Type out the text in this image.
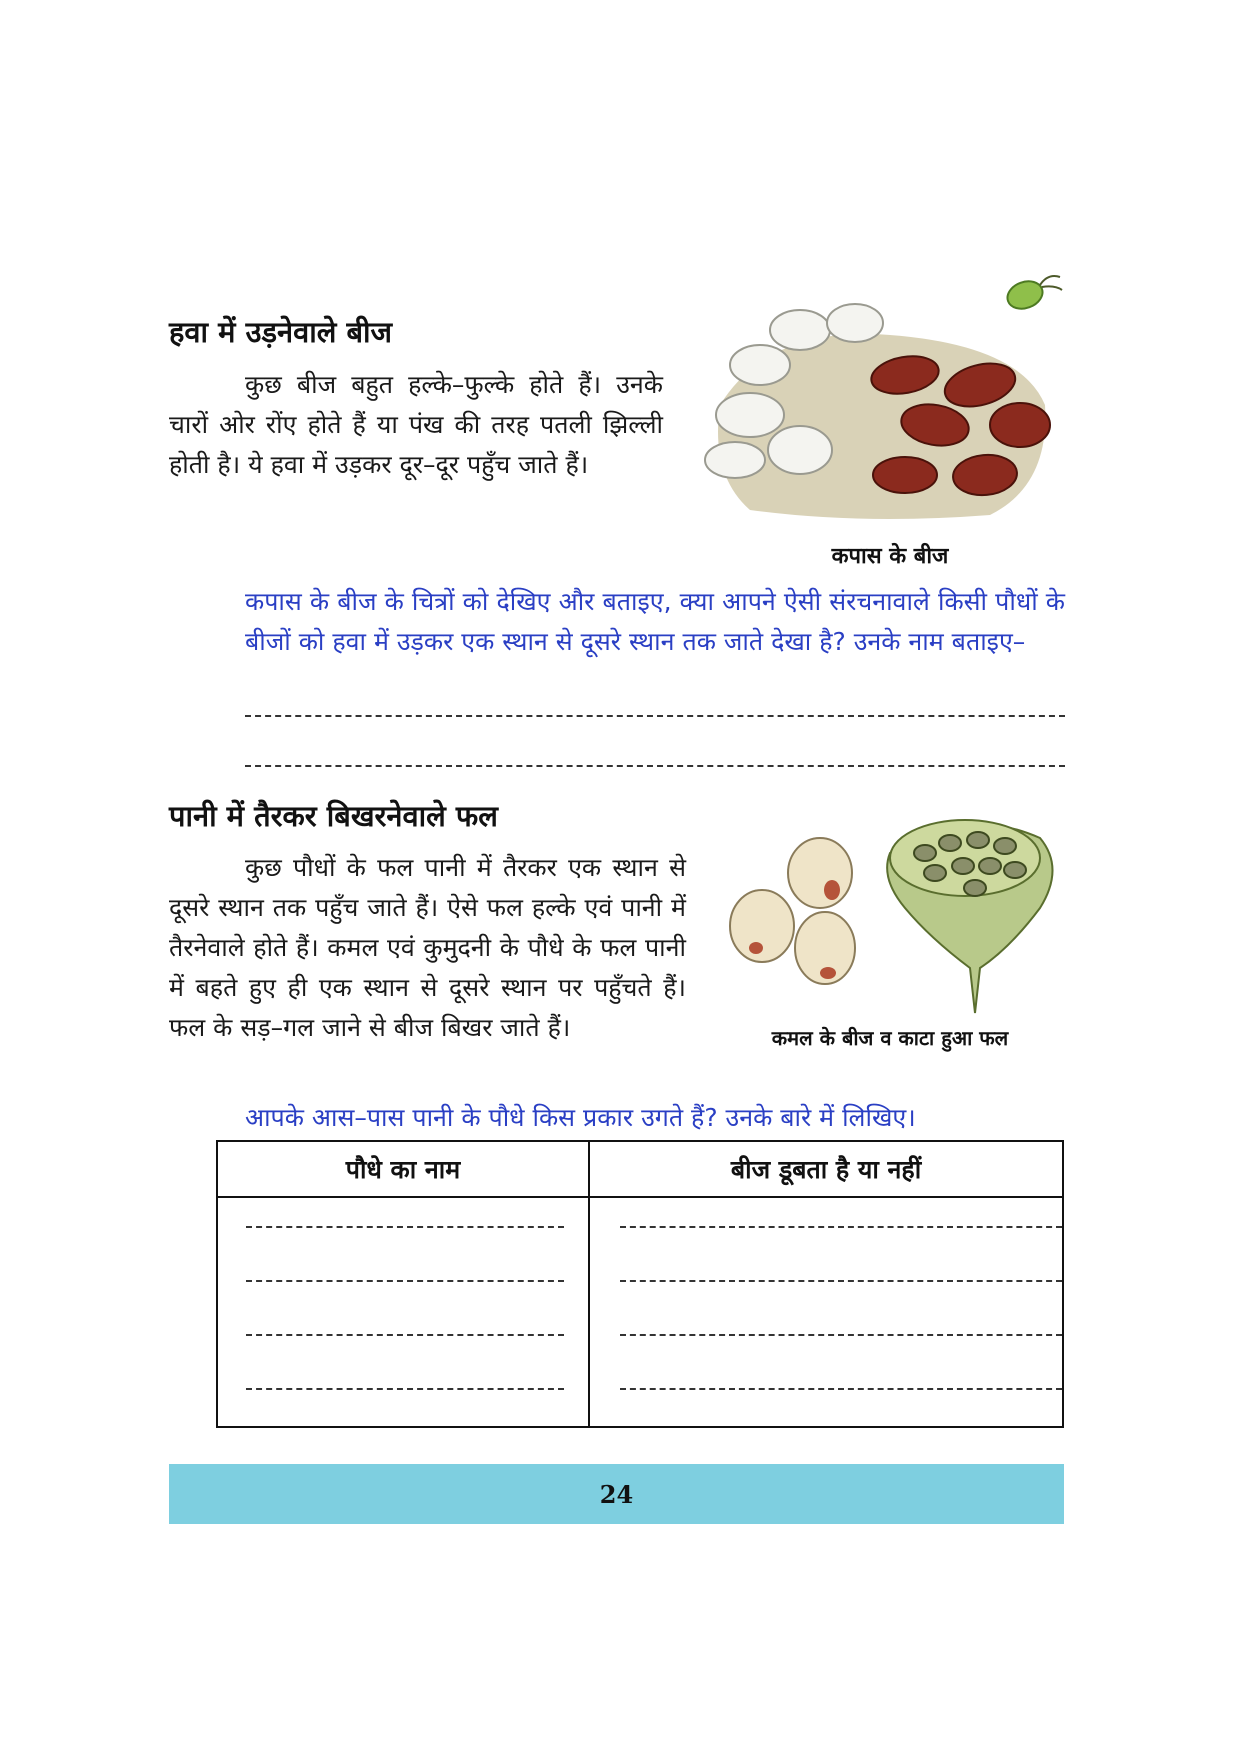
हवा में उड़नेवाले बीज
कुछ बीज बहुत हल्के–फुल्के होते हैं। उनके चारों ओर रोंए होते हैं या पंख की तरह पतली झिल्ली होती है। ये हवा में उड़कर दूर–दूर पहुँच जाते हैं।
कपास के बीज
कपास के बीज के चित्रों को देखिए और बताइए, क्या आपने ऐसी संरचनावाले किसी पौधों के बीजों को हवा में उड़कर एक स्थान से दूसरे स्थान तक जाते देखा है? उनके नाम बताइए–
पानी में तैरकर बिखरनेवाले फल
कुछ पौधों के फल पानी में तैरकर एक स्थान से दूसरे स्थान तक पहुँच जाते हैं। ऐसे फल हल्के एवं पानी में तैरनेवाले होते हैं। कमल एवं कुमुदनी के पौधे के फल पानी में बहते हुए ही एक स्थान से दूसरे स्थान पर पहुँचते हैं। फल के सड़–गल जाने से बीज बिखर जाते हैं।	कमल के बीज व काटा हुआ फल
आपके आस–पास पानी के पौधे किस प्रकार उगते हैं? उनके बारे में लिखिए।
पौधे का नाम	बीज डूबता है या नहीं

24
